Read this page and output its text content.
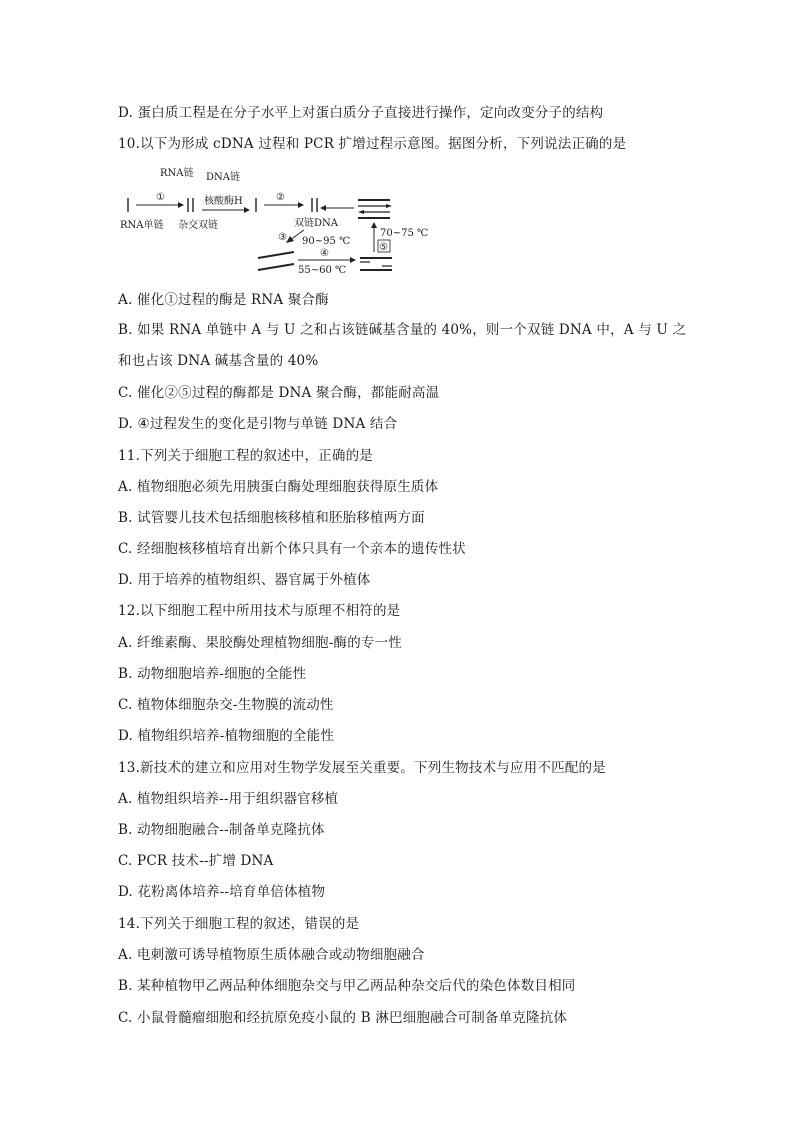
D. 蛋白质工程是在分子水平上对蛋白质分子直接进行操作，定向改变分子的结构
10.以下为形成 cDNA 过程和 PCR 扩增过程示意图。据图分析，下列说法正确的是
RNA链 DNA链
RNA单链
①
杂交双链
核酸酶H	②
双链DNA
③ 90~95 ℃
④
55~60 ℃
⑤
70~75 ℃
A. 催化①过程的酶是 RNA 聚合酶
B. 如果 RNA 单链中 A 与 U 之和占该链碱基含量的 40%，则一个双链 DNA 中，A 与 U 之
和也占该 DNA 碱基含量的 40%
C. 催化②⑤过程的酶都是 DNA 聚合酶，都能耐高温
D. ④过程发生的变化是引物与单链 DNA 结合
11.下列关于细胞工程的叙述中，正确的是
A. 植物细胞必须先用胰蛋白酶处理细胞获得原生质体
B. 试管婴儿技术包括细胞核移植和胚胎移植两方面
C. 经细胞核移植培育出新个体只具有一个亲本的遗传性状
D. 用于培养的植物组织、器官属于外植体
12.以下细胞工程中所用技术与原理不相符的是
A. 纤维素酶、果胶酶处理植物细胞-酶的专一性
B. 动物细胞培养-细胞的全能性
C. 植物体细胞杂交-生物膜的流动性
D. 植物组织培养-植物细胞的全能性
13.新技术的建立和应用对生物学发展至关重要。下列生物技术与应用不匹配的是
A. 植物组织培养--用于组织器官移植
B. 动物细胞融合--制备单克隆抗体
C. PCR 技术--扩增 DNA
D. 花粉离体培养--培育单倍体植物
14.下列关于细胞工程的叙述，错误的是
A. 电刺激可诱导植物原生质体融合或动物细胞融合
B. 某种植物甲乙两品种体细胞杂交与甲乙两品种杂交后代的染色体数目相同
C. 小鼠骨髓瘤细胞和经抗原免疫小鼠的 B 淋巴细胞融合可制备单克隆抗体
